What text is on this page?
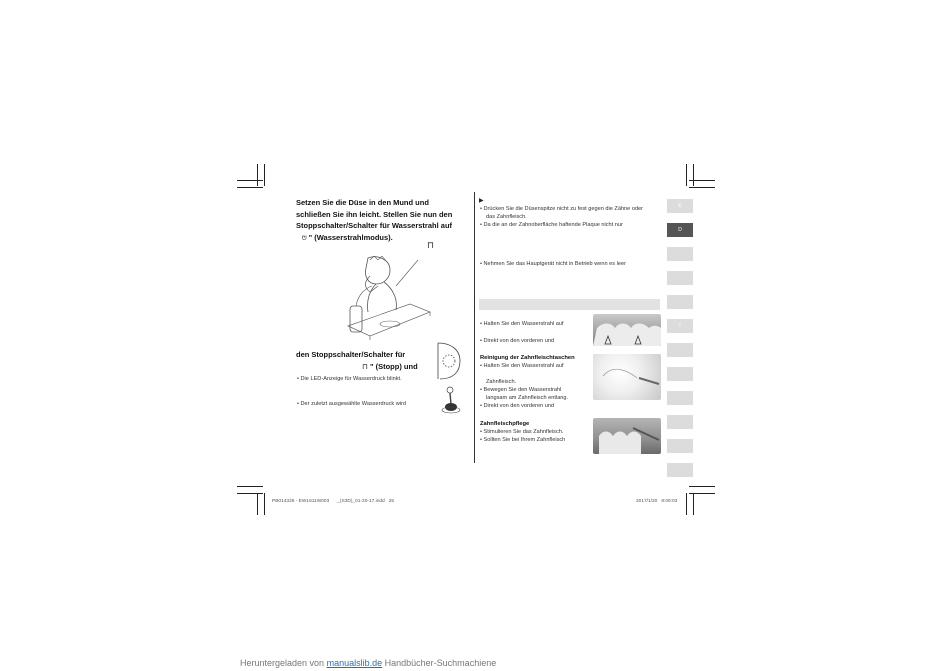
Setzen Sie die Düse in den Mund und
schließen Sie ihn leicht. Stellen Sie nun den
Stoppschalter/Schalter für Wasserstrahl auf
⩅ " (Wasserstrahlmodus).
⊓
den Stoppschalter/Schalter für
⊓ " (Stopp) und
• Die LED-Anzeige für Wasserdruck blinkt.
• Der zuletzt ausgewählte Wasserdruck wird
▶
• Drücken Sie die Düsenspitze nicht zu fest gegen die Zähne oder
das Zahnfleisch.
• Da die an der Zahnoberfläche haftende Plaque nicht nur
• Nehmen Sie das Hauptgerät nicht in Betrieb wenn es leer
• Halten Sie den Wasserstrahl auf
• Direkt von den vorderen und
Reinigung der Zahnfleischtaschen
• Halten Sie den Wasserstrahl auf
Zahnfleisch.
• Bewegen Sie den Wasserstrahl
langsam am Zahnfleisch entlang.
• Direkt von den vorderen und
Zahnfleischpflege
• Stimulieren Sie das Zahnfleisch.
• Sollten Sie bei Ihrem Zahnfleisch
E
D
I
PB014326 - EW1611W003      _(S3D)_01-20-17.indd   25	2017/1/20   8:09:03
Heruntergeladen von manualslib.de Handbücher-Suchmachiene
